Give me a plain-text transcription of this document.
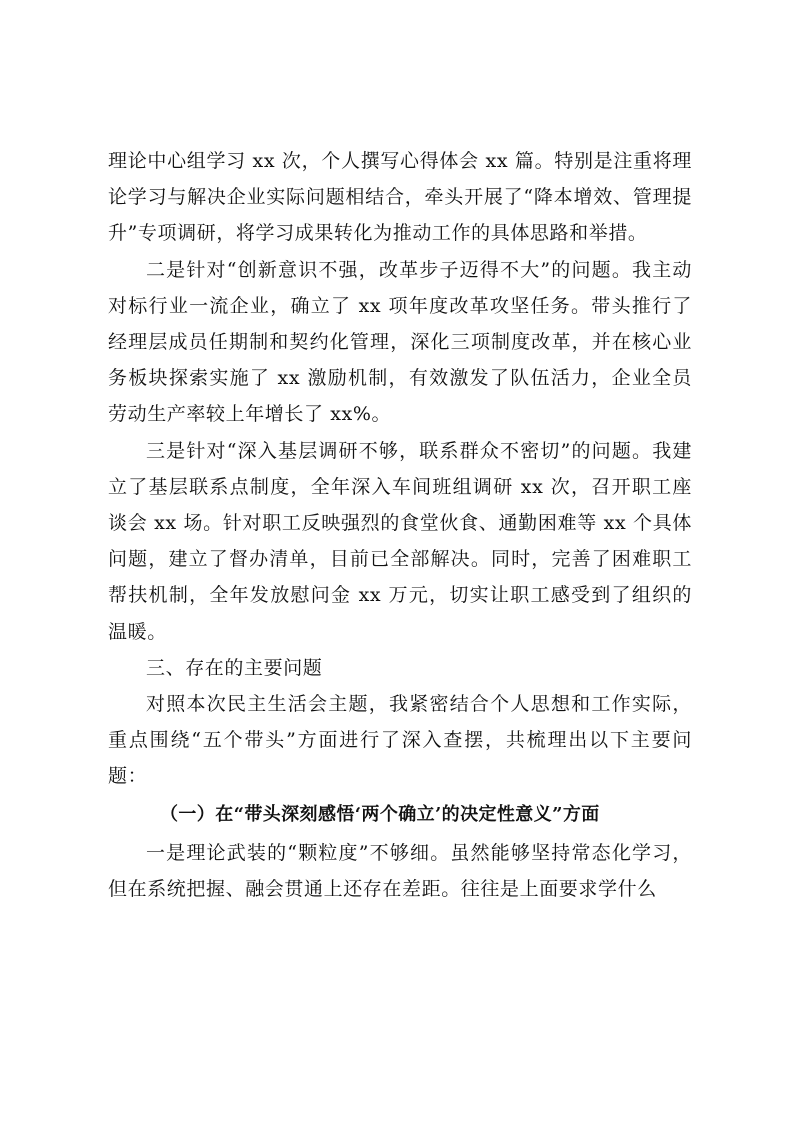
理论中心组学习 xx 次，个人撰写心得体会 xx 篇。特别是注重将理论学习与解决企业实际问题相结合，牵头开展了“降本增效、管理提升”专项调研，将学习成果转化为推动工作的具体思路和举措。

二是针对“创新意识不强，改革步子迈得不大”的问题。我主动对标行业一流企业，确立了 xx 项年度改革攻坚任务。带头推行了经理层成员任期制和契约化管理，深化三项制度改革，并在核心业务板块探索实施了 xx 激励机制，有效激发了队伍活力，企业全员劳动生产率较上年增长了 xx%。

三是针对“深入基层调研不够，联系群众不密切”的问题。我建立了基层联系点制度，全年深入车间班组调研 xx 次，召开职工座谈会 xx 场。针对职工反映强烈的食堂伙食、通勤困难等 xx 个具体问题，建立了督办清单，目前已全部解决。同时，完善了困难职工帮扶机制，全年发放慰问金 xx 万元，切实让职工感受到了组织的温暖。

三、存在的主要问题

对照本次民主生活会主题，我紧密结合个人思想和工作实际，重点围绕“五个带头”方面进行了深入查摆，共梳理出以下主要问题：

（一）在“带头深刻感悟‘两个确立’的决定性意义”方面

一是理论武装的“颗粒度”不够细。虽然能够坚持常态化学习，但在系统把握、融会贯通上还存在差距。往往是上面要求学什么
